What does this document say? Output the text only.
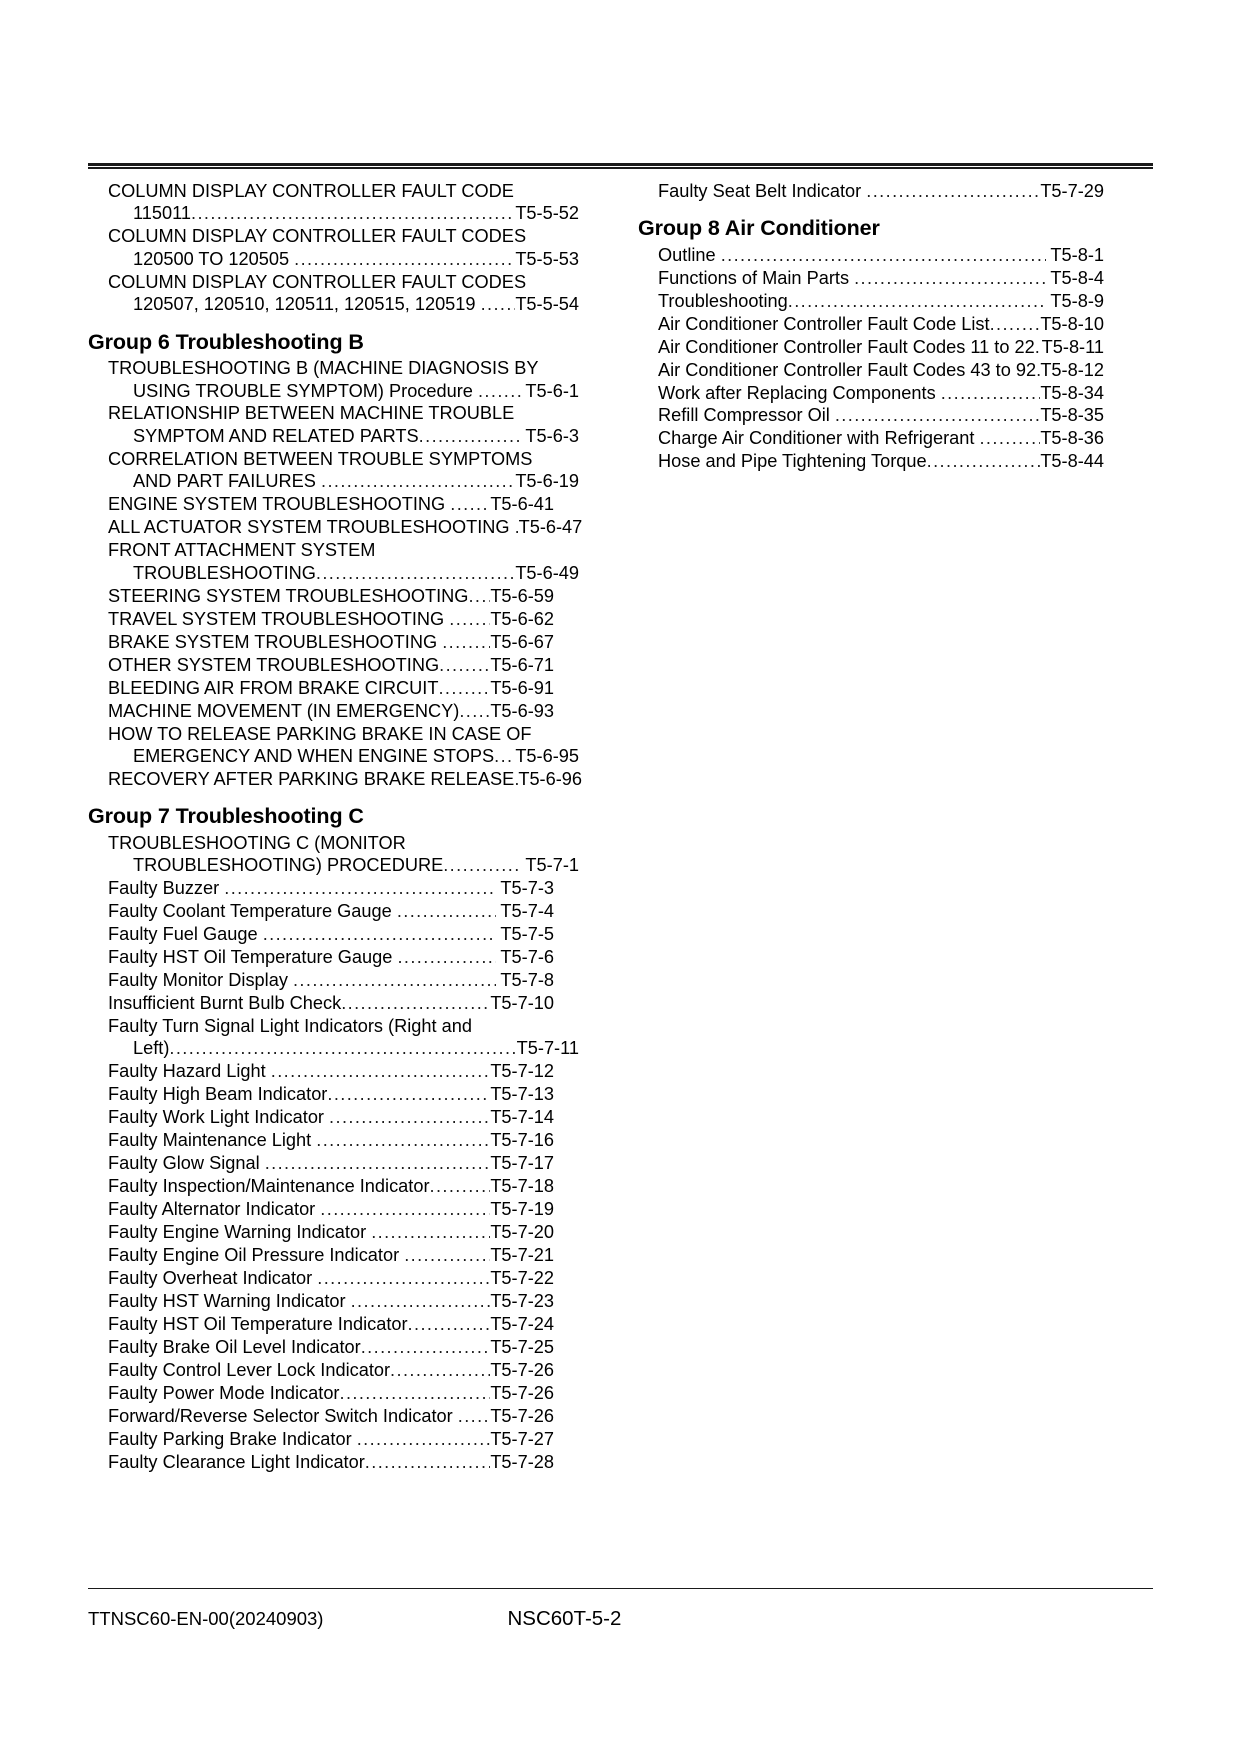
COLUMN DISPLAY CONTROLLER FAULT CODE
115011 .....	T5-5-52
COLUMN DISPLAY CONTROLLER FAULT CODES
120500 TO 120505 .....	T5-5-53
COLUMN DISPLAY CONTROLLER FAULT CODES
120507, 120510, 120511, 120515, 120519 ..... T5-5-54
Group 6 Troubleshooting B
TROUBLESHOOTING B (MACHINE DIAGNOSIS BY
USING TROUBLE SYMPTOM) Procedure ..... T5-6-1
RELATIONSHIP BETWEEN MACHINE TROUBLE
SYMPTOM AND RELATED PARTS .....	T5-6-3
CORRELATION BETWEEN TROUBLE SYMPTOMS
AND PART FAILURES .....	T5-6-19
ENGINE SYSTEM TROUBLESHOOTING ..... T5-6-41
ALL ACTUATOR SYSTEM TROUBLESHOOTING ..... T5-6-47
FRONT ATTACHMENT SYSTEM
TROUBLESHOOTING .....	T5-6-49
STEERING SYSTEM TROUBLESHOOTING ..... T5-6-59
TRAVEL SYSTEM TROUBLESHOOTING ..... T5-6-62
BRAKE SYSTEM TROUBLESHOOTING .....	T5-6-67
OTHER SYSTEM TROUBLESHOOTING .....	T5-6-71
BLEEDING AIR FROM BRAKE CIRCUIT .....	T5-6-91
MACHINE MOVEMENT (IN EMERGENCY) ..... T5-6-93
HOW TO RELEASE PARKING BRAKE IN CASE OF
EMERGENCY AND WHEN ENGINE STOPS ..... T5-6-95
RECOVERY AFTER PARKING BRAKE RELEASE ..... T5-6-96
Group 7 Troubleshooting C
TROUBLESHOOTING C (MONITOR
TROUBLESHOOTING) PROCEDURE .....	T5-7-1
Faulty Buzzer .....	T5-7-3
Faulty Coolant Temperature Gauge .....	T5-7-4
Faulty Fuel Gauge .....	T5-7-5
Faulty HST Oil Temperature Gauge .....	T5-7-6
Faulty Monitor Display .....	T5-7-8
Insufficient Burnt Bulb Check .....	T5-7-10
Faulty Turn Signal Light Indicators (Right and
Left) .....	T5-7-11
Faulty Hazard Light .....	T5-7-12
Faulty High Beam Indicator .....	T5-7-13
Faulty Work Light Indicator .....	T5-7-14
Faulty Maintenance Light .....	T5-7-16
Faulty Glow Signal .....	T5-7-17
Faulty Inspection/Maintenance Indicator .....	T5-7-18
Faulty Alternator Indicator .....	T5-7-19
Faulty Engine Warning Indicator .....	T5-7-20
Faulty Engine Oil Pressure Indicator .....	T5-7-21
Faulty Overheat Indicator .....	T5-7-22
Faulty HST Warning Indicator .....	T5-7-23
Faulty HST Oil Temperature Indicator .....	T5-7-24
Faulty Brake Oil Level Indicator .....	T5-7-25
Faulty Control Lever Lock Indicator .....	T5-7-26
Faulty Power Mode Indicator .....	T5-7-26
Forward/Reverse Selector Switch Indicator ..... T5-7-26
Faulty Parking Brake Indicator .....	T5-7-27
Faulty Clearance Light Indicator .....	T5-7-28
Faulty Seat Belt Indicator .....	T5-7-29
Group 8 Air Conditioner
Outline .....	T5-8-1
Functions of Main Parts .....	T5-8-4
Troubleshooting .....	T5-8-9
Air Conditioner Controller Fault Code List .....	T5-8-10
Air Conditioner Controller Fault Codes 11 to 22 ..... T5-8-11
Air Conditioner Controller Fault Codes 43 to 92 ..... T5-8-12
Work after Replacing Components .....	T5-8-34
Refill Compressor Oil .....	T5-8-35
Charge Air Conditioner with Refrigerant .....	T5-8-36
Hose and Pipe Tightening Torque .....	T5-8-44
TTNSC60-EN-00(20240903)	NSC60T-5-2
